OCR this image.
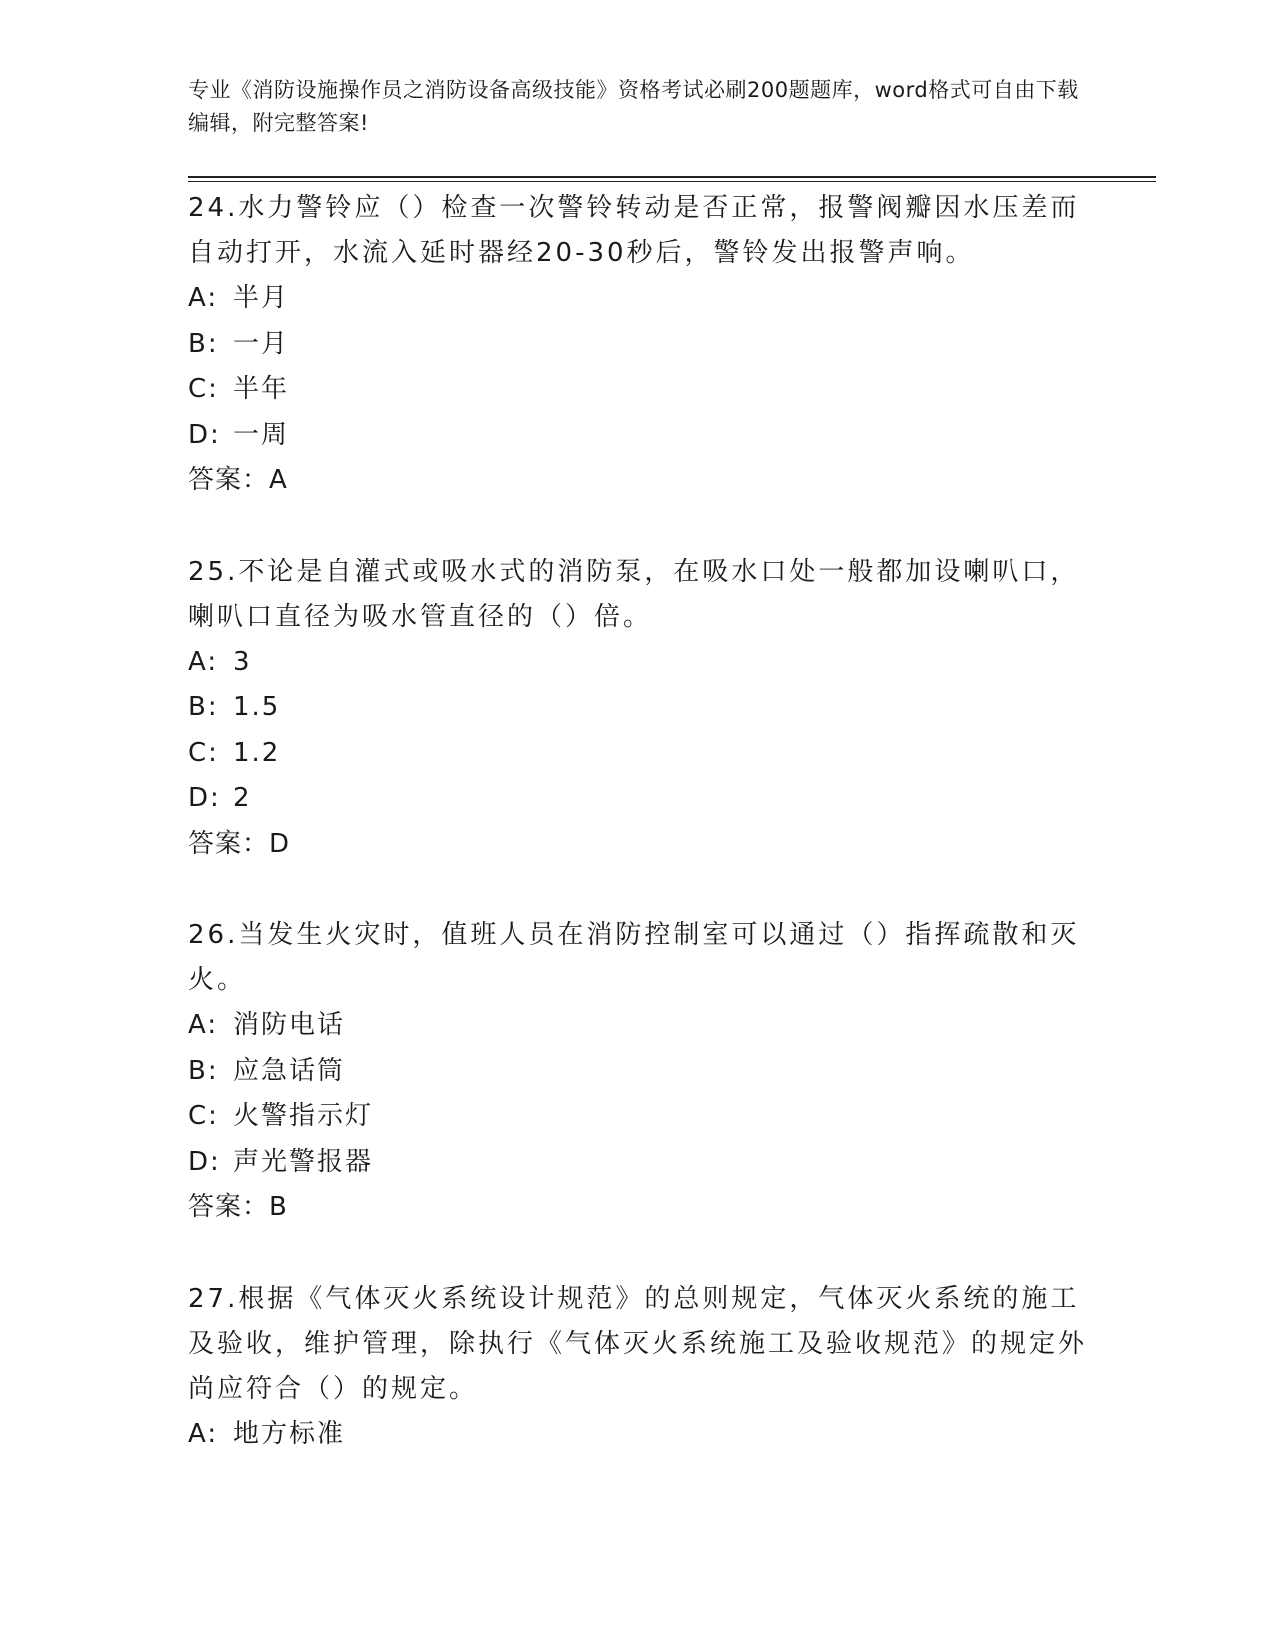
专业《消防设施操作员之消防设备高级技能》资格考试必刷200题题库，word格式可自由下载编辑，附完整答案!

24.水力警铃应（）检查一次警铃转动是否正常，报警阀瓣因水压差而自动打开，水流入延时器经20-30秒后，警铃发出报警声响。

A: 半月

B: 一月

C: 半年

D: 一周

答案：A

25.不论是自灌式或吸水式的消防泵，在吸水口处一般都加设喇叭口，喇叭口直径为吸水管直径的（）倍。

A: 3

B: 1.5

C: 1.2

D: 2

答案：D

26.当发生火灾时，值班人员在消防控制室可以通过（）指挥疏散和灭火。

A: 消防电话

B: 应急话筒

C: 火警指示灯

D: 声光警报器

答案：B

27.根据《气体灭火系统设计规范》的总则规定，气体灭火系统的施工及验收，维护管理，除执行《气体灭火系统施工及验收规范》的规定外尚应符合（）的规定。

A: 地方标准
